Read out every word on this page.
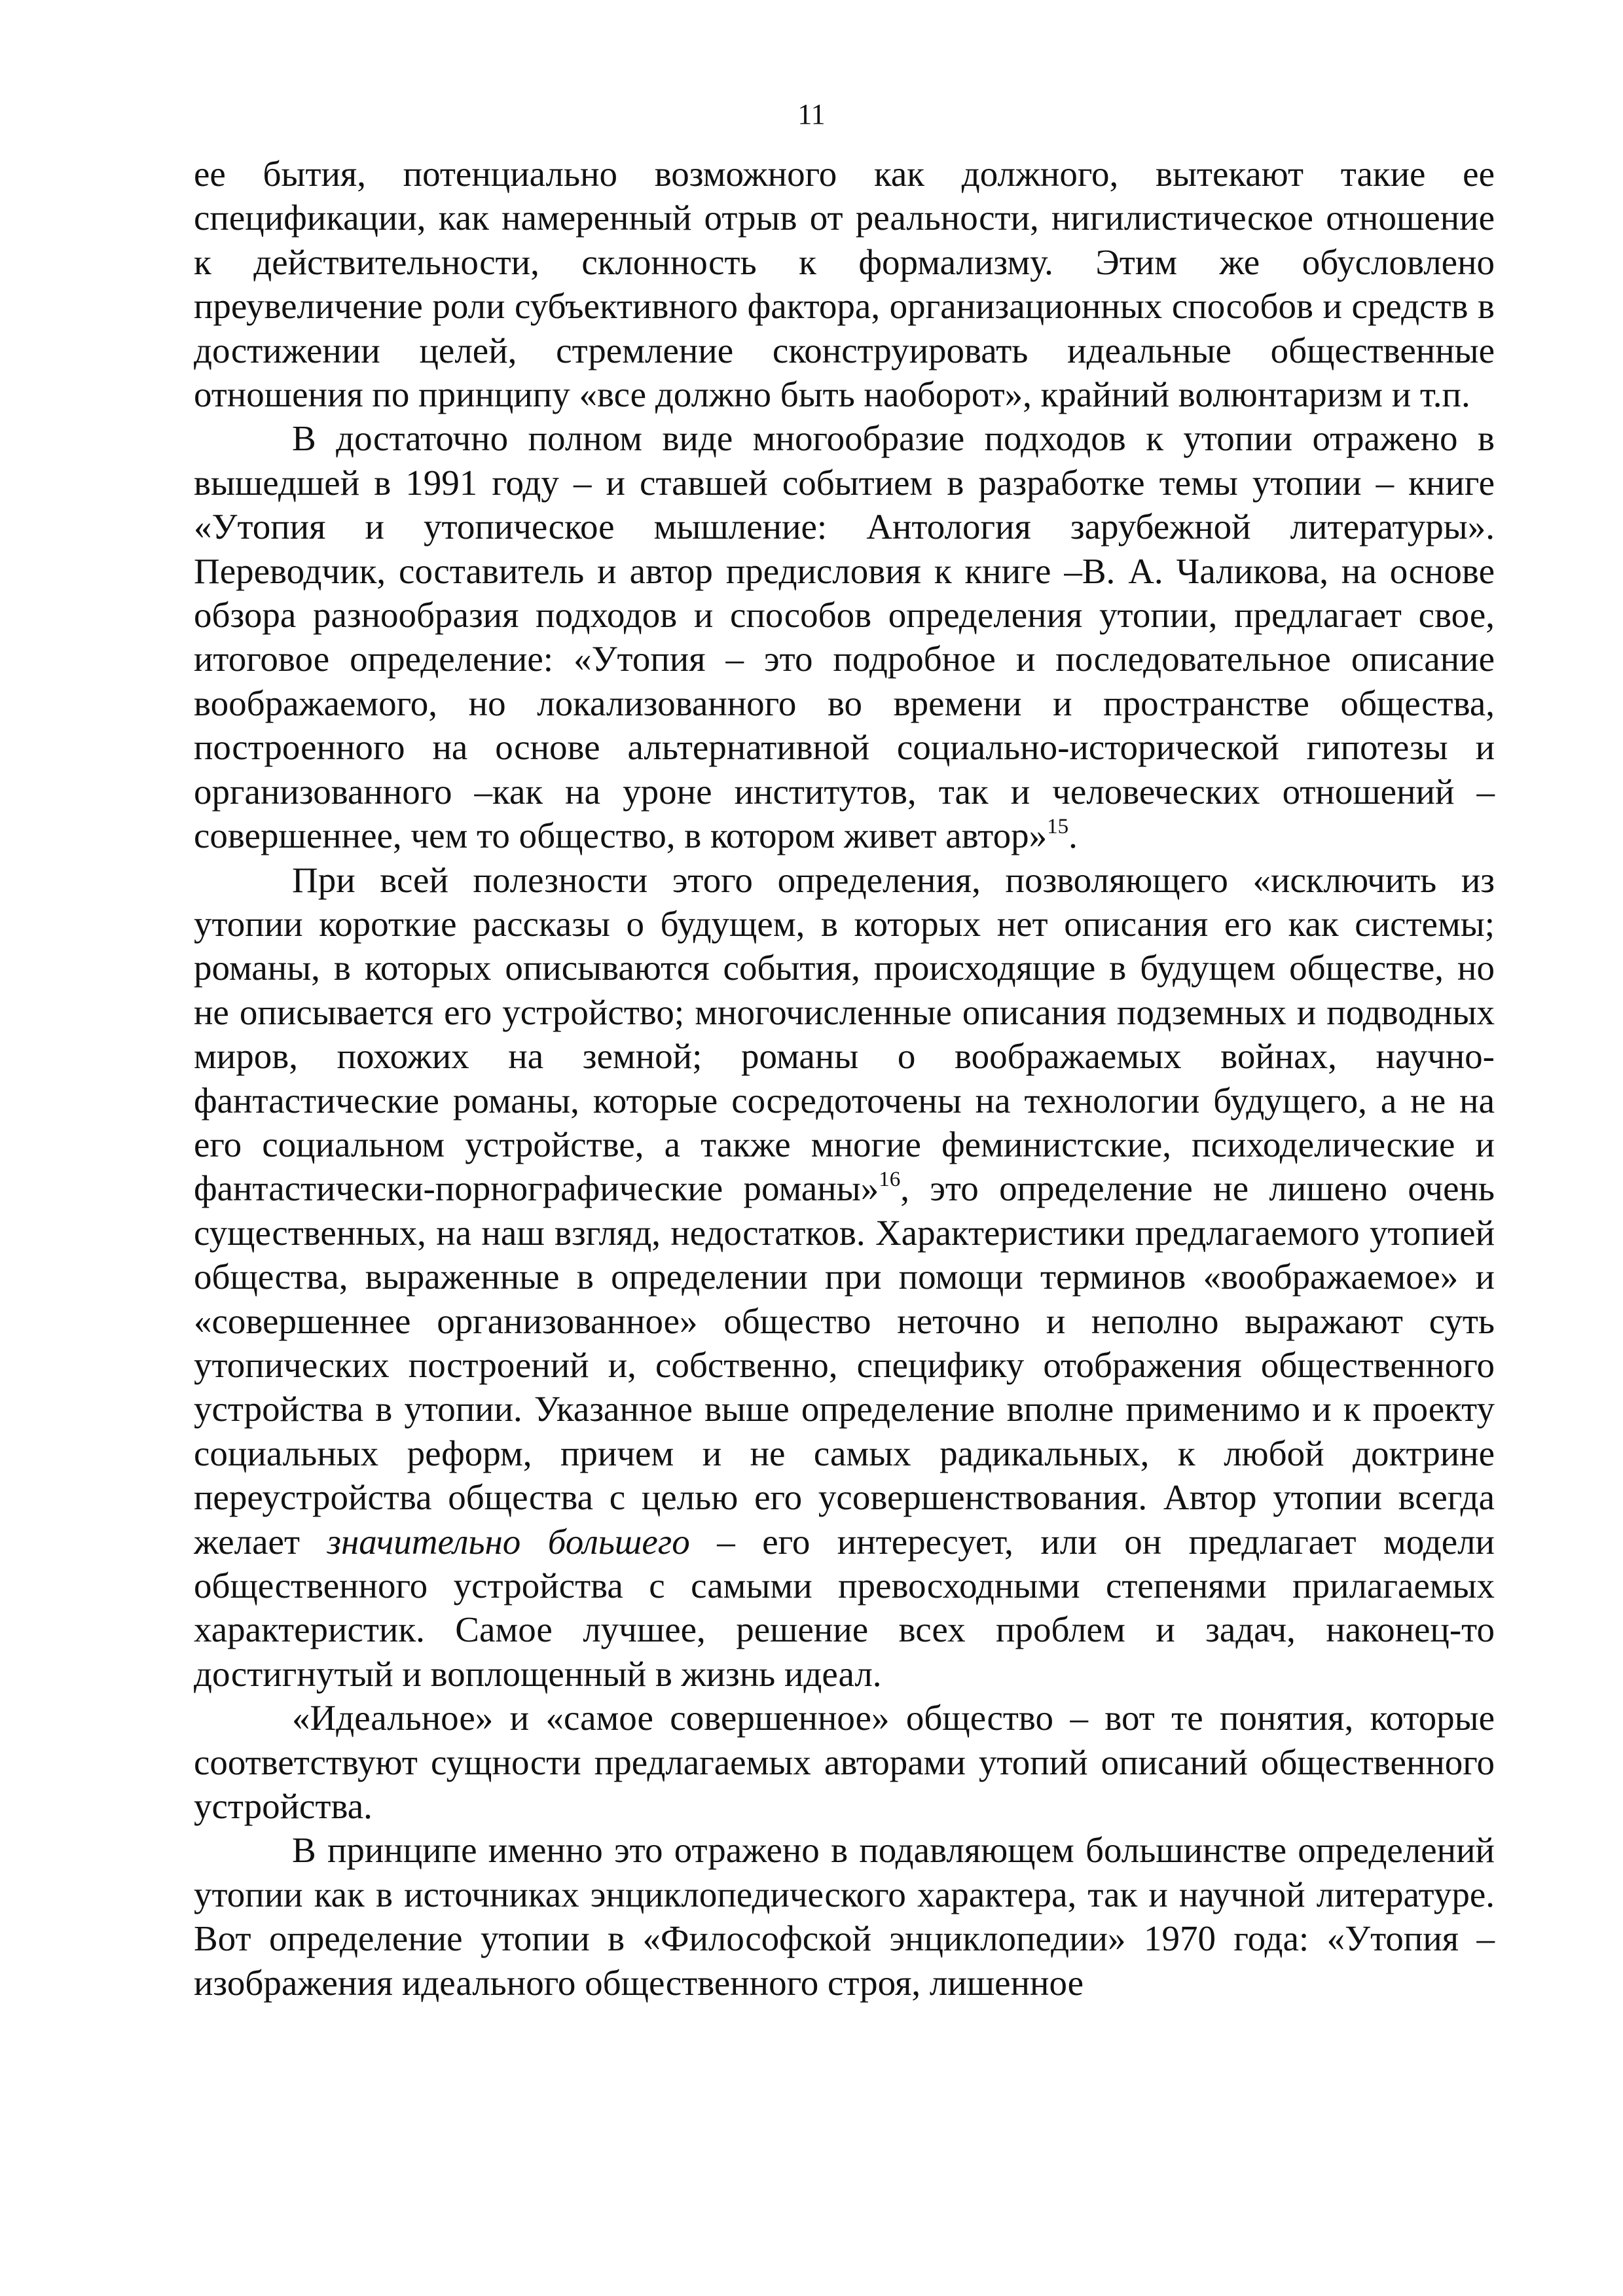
11

ее бытия, потенциально возможного как должного, вытекают такие ее спецификации, как намеренный отрыв от реальности, нигилистическое отношение к действительности, склонность к формализму. Этим же обусловлено преувеличение роли субъективного фактора, организационных способов и средств в достижении целей, стремление сконструировать идеальные общественные отношения по принципу «все должно быть наоборот», крайний волюнтаризм и т.п.

В достаточно полном виде многообразие подходов к утопии отражено в вышедшей в 1991 году – и ставшей событием в разработке темы утопии – книге «Утопия и утопическое мышление: Антология зарубежной литературы». Переводчик, составитель и автор предисловия к книге –В. А. Чаликова, на основе обзора разнообразия подходов и способов определения утопии, предлагает свое, итоговое определение: «Утопия – это подробное и последовательное описание воображаемого, но локализованного во времени и пространстве общества, построенного на основе альтернативной социально-исторической гипотезы и организованного –как на уроне институтов, так и человеческих отношений –совершеннее, чем то общество, в котором живет автор»$^{15}$.

При всей полезности этого определения, позволяющего «исключить из утопии короткие рассказы о будущем, в которых нет описания его как системы; романы, в которых описываются события, происходящие в будущем обществе, но не описывается его устройство; многочисленные описания подземных и подводных миров, похожих на земной; романы о воображаемых войнах, научно-фантастические романы, которые сосредоточены на технологии будущего, а не на его социальном устройстве, а также многие феминистские, психоделические и фантастически-порнографические романы»$^{16}$, это определение не лишено очень существенных, на наш взгляд, недостатков. Характеристики предлагаемого утопией общества, выраженные в определении при помощи терминов «воображаемое» и «совершеннее организованное» общество неточно и неполно выражают суть утопических построений и, собственно, специфику отображения общественного устройства в утопии. Указанное выше определение вполне применимо и к проекту социальных реформ, причем и не самых радикальных, к любой доктрине переустройства общества с целью его усовершенствования. Автор утопии всегда желает значительно большего – его интересует, или он предлагает модели общественного устройства с самыми превосходными степенями прилагаемых характеристик. Самое лучшее, решение всех проблем и задач, наконец-то достигнутый и воплощенный в жизнь идеал.

«Идеальное» и «самое совершенное» общество – вот те понятия, которые соответствуют сущности предлагаемых авторами утопий описаний общественного устройства.

В принципе именно это отражено в подавляющем большинстве определений утопии как в источниках энциклопедического характера, так и научной литературе. Вот определение утопии в «Философской энциклопедии» 1970 года: «Утопия – изображения идеального общественного строя, лишенное
